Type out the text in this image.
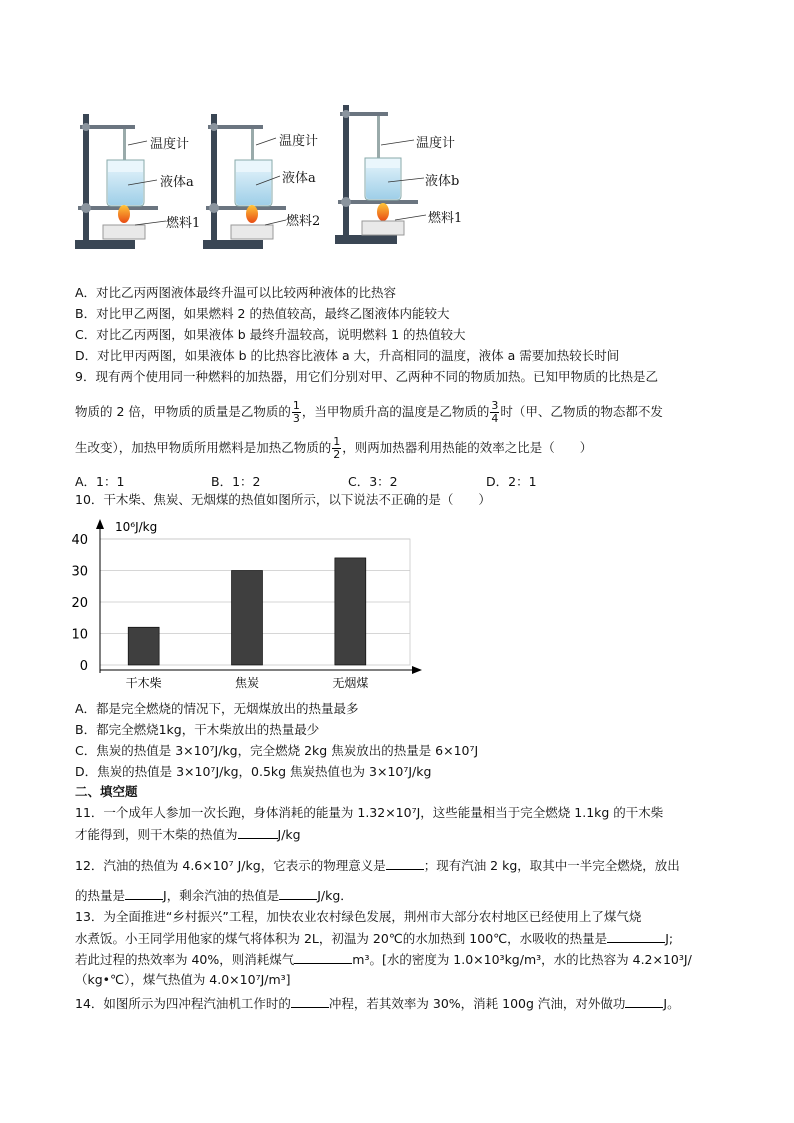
温度计
液体a
燃料1
温度计
液体a
燃料2
温度计
液体b
燃料1
A．对比乙丙两图液体最终升温可以比较两种液体的比热容
B．对比甲乙两图，如果燃料 2 的热值较高，最终乙图液体内能较大
C．对比乙丙两图，如果液体 b 最终升温较高，说明燃料 1 的热值较大
D．对比甲丙两图，如果液体 b 的比热容比液体 a 大，升高相同的温度，液体 a 需要加热较长时间
9．现有两个使用同一种燃料的加热器，用它们分别对甲、乙两种不同的物质加热。已知甲物质的比热是乙
物质的 2 倍，甲物质的质量是乙物质的 $\frac{1}{3}$ ，当甲物质升高的温度是乙物质的 $\frac{3}{4}$ 时（甲、乙物质的物态都不发
生改变），加热甲物质所用燃料是加热乙物质的 $\frac{1}{2}$ ，则两加热器利用热能的效率之比是（　　）
A．1：1	B．1：2	C．3：2	D．2：1
10．干木柴、焦炭、无烟煤的热值如图所示，以下说法不正确的是（　　）
10⁶J/kg
0
10
20
30
40
干木柴	焦炭	无烟煤
A．都是完全燃烧的情况下，无烟煤放出的热量最多
B．都完全燃烧1kg，干木柴放出的热量最少
C．焦炭的热值是 3×10⁷J/kg，完全燃烧 2kg 焦炭放出的热量是 6×10⁷J
D．焦炭的热值是 3×10⁷J/kg，0.5kg 焦炭热值也为 3×10⁷J/kg
二、填空题
11．一个成年人参加一次长跑，身体消耗的能量为 1.32×10⁷J，这些能量相当于完全燃烧 1.1kg 的干木柴
才能得到，则干木柴的热值为	J/kg
12．汽油的热值为 4.6×10⁷ J/kg，它表示的物理意义是	；现有汽油 2 kg，取其中一半完全燃烧，放出
的热量是	J，剩余汽油的热值是	J/kg．
13．为全面推进“乡村振兴”工程，加快农业农村绿色发展，荆州市大部分农村地区已经使用上了煤气烧
水煮饭。小王同学用他家的煤气将体积为 2L，初温为 20℃的水加热到 100℃，水吸收的热量是	J;
若此过程的热效率为 40%，则消耗煤气	m³。[水的密度为 1.0×10³kg/m³，水的比热容为 4.2×10³J/
（kg•℃），煤气热值为 4.0×10⁷J/m³]
14．如图所示为四冲程汽油机工作时的	冲程，若其效率为 30%，消耗 100g 汽油，对外做功	J。
